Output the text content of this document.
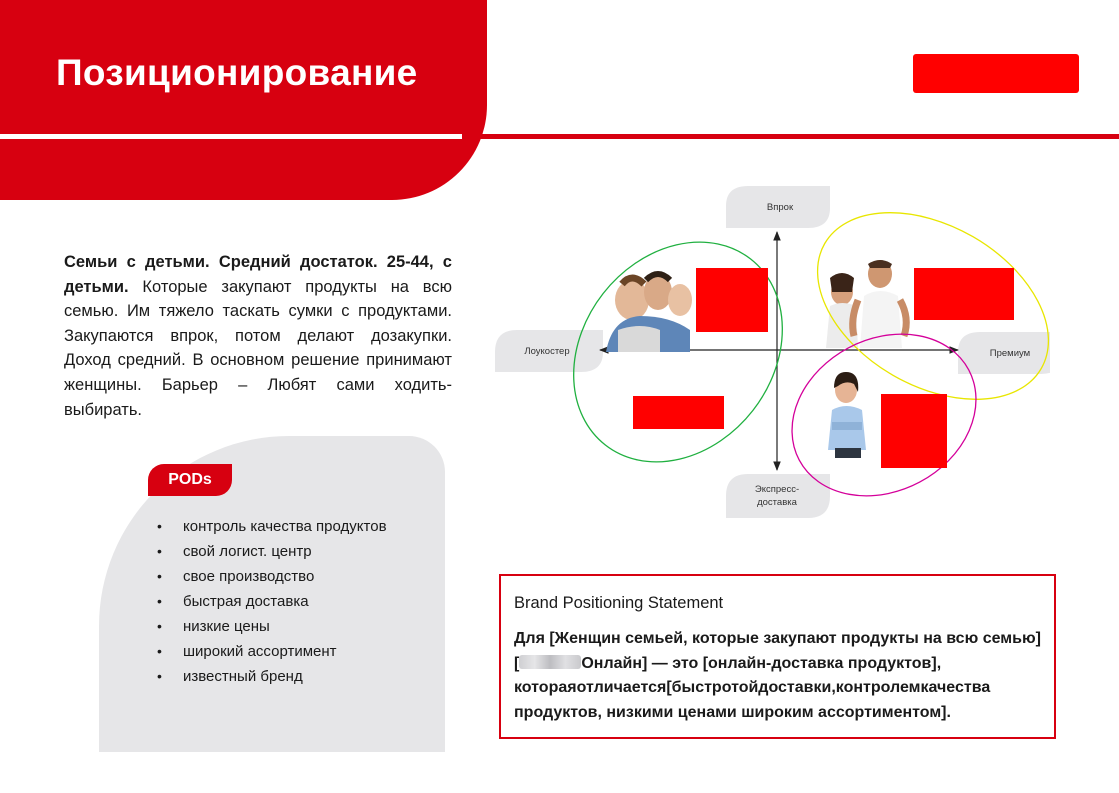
Позиционирование
Семьи с детьми. Средний достаток. 25-44, с детьми. Которые закупают продукты на всю семью. Им тяжело таскать сумки с продуктами. Закупаются впрок, потом делают дозакупки. Доход средний. В основном решение принимают женщины. Барьер – Любят сами ходить-выбирать.
PODs
• контроль качества продуктов
• свой логист. центр
• свое производство
• быстрая доставка
• низкие цены
• широкий ассортимент
• известный бренд
Впрок
Лоукостер	Премиум
Экспресс-
доставка
Brand Positioning Statement
Для [Женщин семьей, которые закупают продукты на всю семью] [	Онлайн] — это [онлайн-доставка продуктов], котораяотличается[быстротойдоставки,контролемкачества продуктов, низкими ценами широким ассортиментом].
